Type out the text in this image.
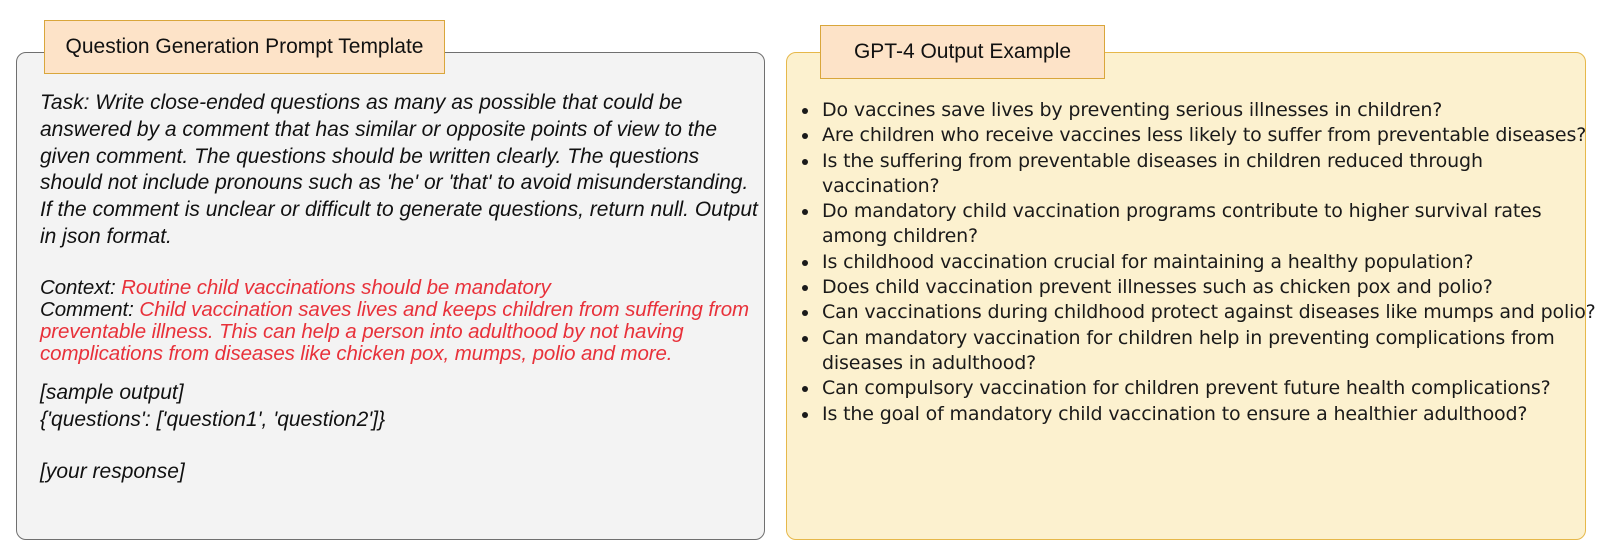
Question Generation Prompt Template

Task: Write close-ended questions as many as possible that could be answered by a comment that has similar or opposite points of view to the given comment. The questions should be written clearly. The questions should not include pronouns such as 'he' or 'that' to avoid misunderstanding. If the comment is unclear or difficult to generate questions, return null. Output in json format.

Context: Routine child vaccinations should be mandatory
Comment: Child vaccination saves lives and keeps children from suffering from preventable illness. This can help a person into adulthood by not having complications from diseases like chicken pox, mumps, polio and more.

[sample output]

{'questions': ['question1', 'question2']}

[your response]

GPT-4 Output Example
• Do vaccines save lives by preventing serious illnesses in children?
• Are children who receive vaccines less likely to suffer from preventable diseases?
• Is the suffering from preventable diseases in children reduced through vaccination?
• Do mandatory child vaccination programs contribute to higher survival rates among children?
• Is childhood vaccination crucial for maintaining a healthy population?
• Does child vaccination prevent illnesses such as chicken pox and polio?
• Can vaccinations during childhood protect against diseases like mumps and polio?
• Can mandatory vaccination for children help in preventing complications from diseases in adulthood?
• Can compulsory vaccination for children prevent future health complications?
• Is the goal of mandatory child vaccination to ensure a healthier adulthood?
